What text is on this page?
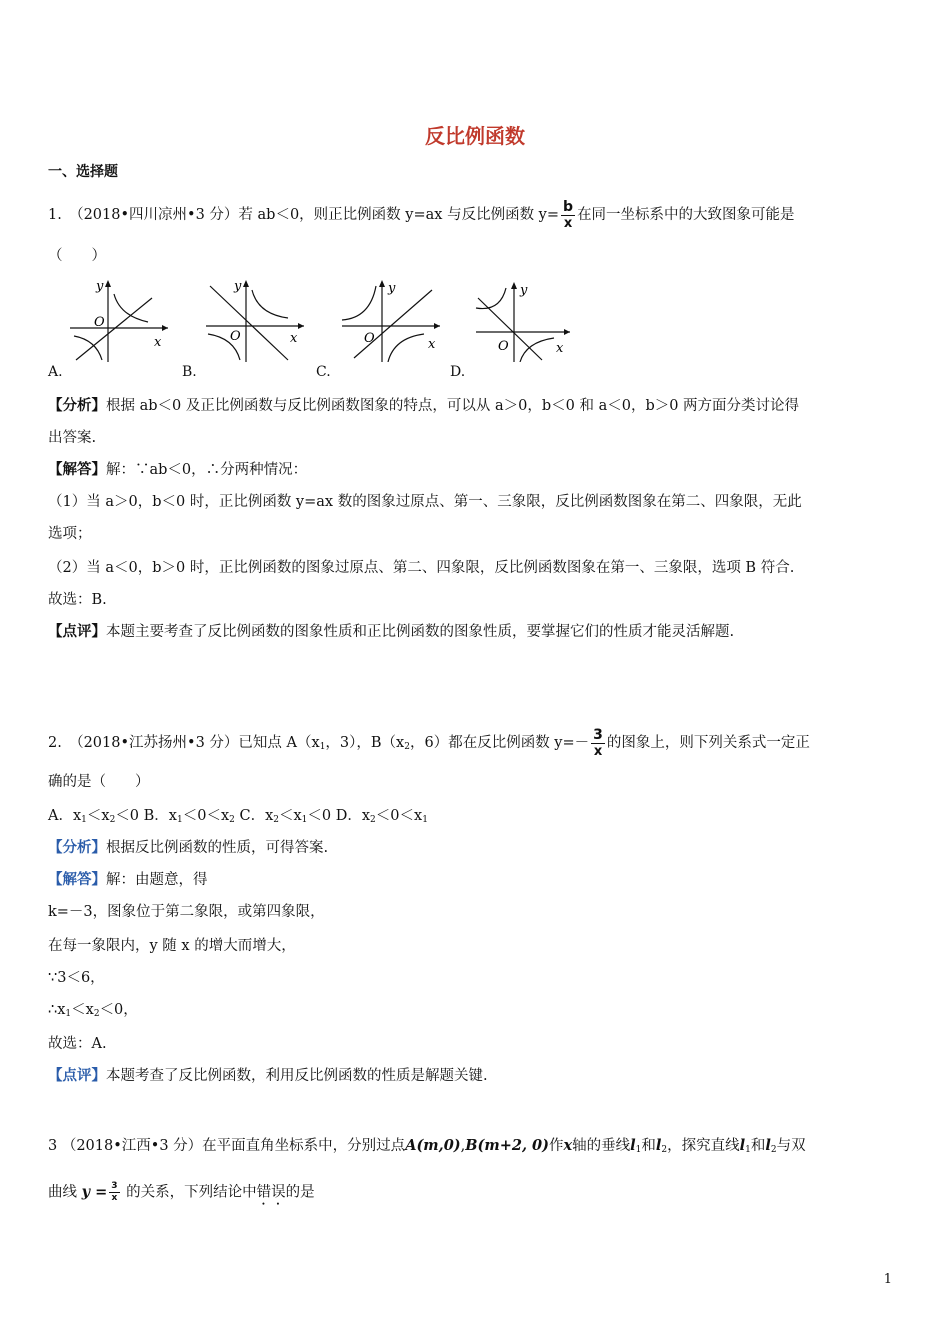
反比例函数
一、选择题
1.　（2018•四川凉州•3 分）若 ab＜0，则正比例函数 y=ax 与反比例函数 $y= \frac{b}{x}$ 在同一坐标系中的大致图象可能是
（　　）
y
x
O
y
x
O
y
x
O
y
x
O
A.	B.	C.	D.
【分析】根据 ab＜0 及正比例函数与反比例函数图象的特点，可以从 a＞0，b＜0 和 a＜0，b＞0 两方面分类讨论得
出答案.
【解答】解：∵ab＜0，∴分两种情况：
（1）当 a＞0，b＜0 时，正比例函数 y=ax 数的图象过原点、第一、三象限，反比例函数图象在第二、四象限，无此
选项；
（2）当 a＜0，b＞0 时，正比例函数的图象过原点、第二、四象限，反比例函数图象在第一、三象限，选项 B 符合.
故选：B.
【点评】本题主要考查了反比例函数的图象性质和正比例函数的图象性质，要掌握它们的性质才能灵活解题.
2.　（2018•江苏扬州•3 分）已知点 $A(x_1$，3），$B(x_2$，6）都在反比例函数 $y=- \frac{3}{x}$ 的图象上，则下列关系式一定正
确的是（　　）
A．$x_1<x_2<0$ B．$x_1<0<x_2$ C．$x_2<x_1<0$ D．$x_2<0<x_1$
【分析】根据反比例函数的性质，可得答案.
【解答】解：由题意，得
k=－3，图象位于第二象限，或第四象限，
在每一象限内，y 随 x 的增大而增大，
∵3＜6，
$\therefore x_1<x_2<0$，
故选：A.
【点评】本题考查了反比例函数，利用反比例函数的性质是解题关键.
3 （2018•江西•3 分）在平面直角坐标系中，分别过点A(m,0),B(m+2, 0)作x轴的垂线$l_1$和$l_2$，探究直线$l_1$和$l_2$与双
曲线 $y = \frac{3}{x}$ 的关系，下列结论中错误的是
1
